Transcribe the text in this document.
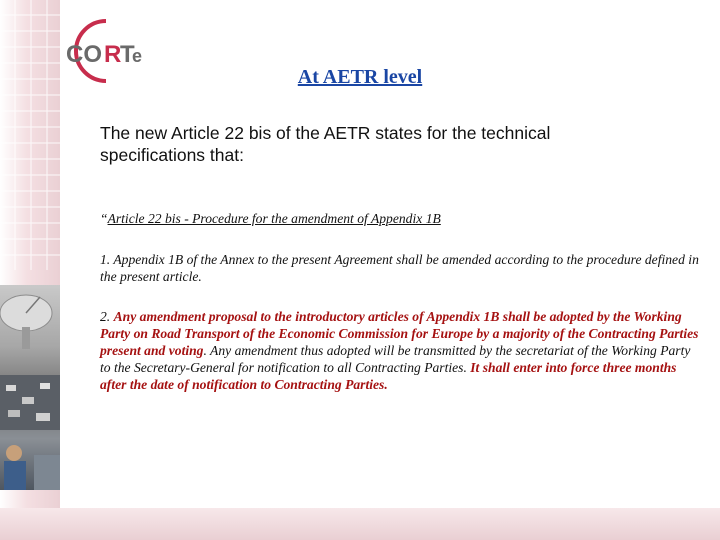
CO R
T
e
At AETR level
The new Article 22 bis of the AETR states for the technical specifications that:
“Article 22 bis - Procedure for the amendment of Appendix 1B
1. Appendix 1B of the Annex to the present Agreement shall be amended according to the procedure defined in the present article.
2. Any amendment proposal to the introductory articles of Appendix 1B shall be adopted by the Working Party on Road Transport of the Economic Commission for Europe by a majority of the Contracting Parties present and voting. Any amendment thus adopted will be transmitted by the secretariat of the Working Party to the Secretary-General for notification to all Contracting Parties. It shall enter into force three months after the date of notification to Contracting Parties.
